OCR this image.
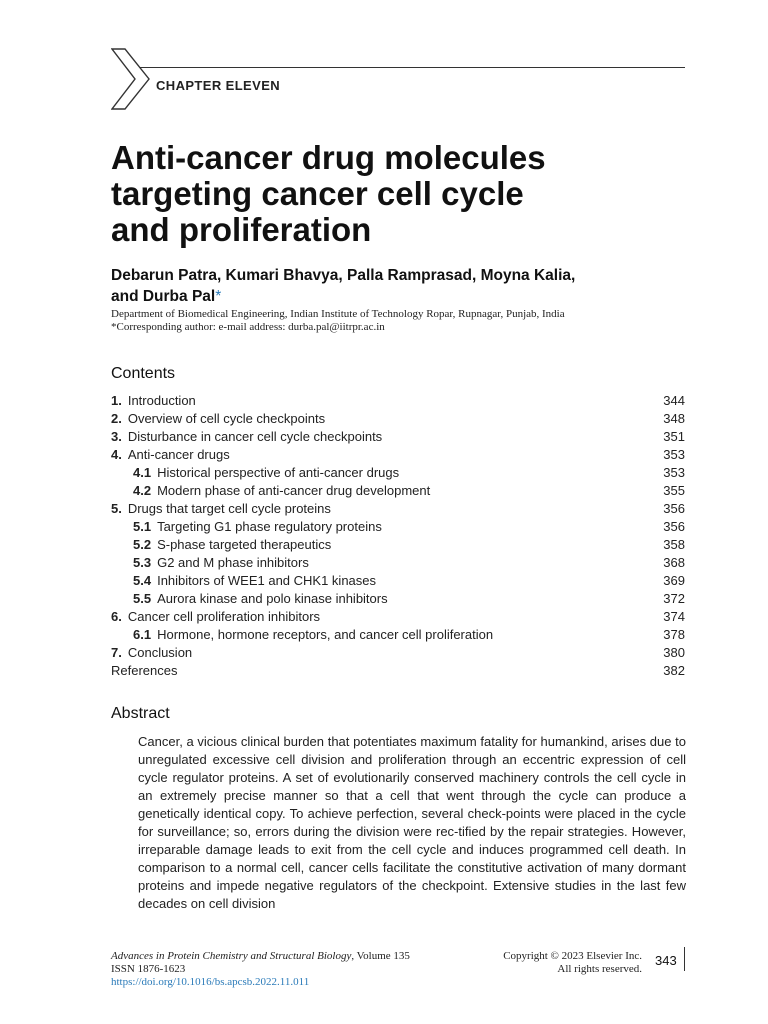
CHAPTER ELEVEN
Anti-cancer drug molecules
targeting cancer cell cycle
and proliferation
Debarun Patra, Kumari Bhavya, Palla Ramprasad, Moyna Kalia,
and Durba Pal*
Department of Biomedical Engineering, Indian Institute of Technology Ropar, Rupnagar, Punjab, India
*Corresponding author: e-mail address: durba.pal@iitrpr.ac.in
Contents
1. Introduction	344
2. Overview of cell cycle checkpoints	348
3. Disturbance in cancer cell cycle checkpoints	351
4. Anti-cancer drugs	353
4.1 Historical perspective of anti-cancer drugs	353
4.2 Modern phase of anti-cancer drug development	355
5. Drugs that target cell cycle proteins	356
5.1 Targeting G1 phase regulatory proteins	356
5.2 S-phase targeted therapeutics	358
5.3 G2 and M phase inhibitors	368
5.4 Inhibitors of WEE1 and CHK1 kinases	369
5.5 Aurora kinase and polo kinase inhibitors	372
6. Cancer cell proliferation inhibitors	374
6.1 Hormone, hormone receptors, and cancer cell proliferation	378
7. Conclusion	380
References	382
Abstract

Cancer, a vicious clinical burden that potentiates maximum fatality for humankind, arises due to unregulated excessive cell division and proliferation through an eccentric expression of cell cycle regulator proteins. A set of evolutionarily conserved machinery controls the cell cycle in an extremely precise manner so that a cell that went through the cycle can produce a genetically identical copy. To achieve perfection, several check-points were placed in the cycle for surveillance; so, errors during the division were rec-tified by the repair strategies. However, irreparable damage leads to exit from the cell cycle and induces programmed cell death. In comparison to a normal cell, cancer cells facilitate the constitutive activation of many dormant proteins and impede negative regulators of the checkpoint. Extensive studies in the last few decades on cell division

Advances in Protein Chemistry and Structural Biology, Volume 135
ISSN 1876-1623
https://doi.org/10.1016/bs.apcsb.2022.11.011
Copyright © 2023 Elsevier Inc.
All rights reserved.
343
